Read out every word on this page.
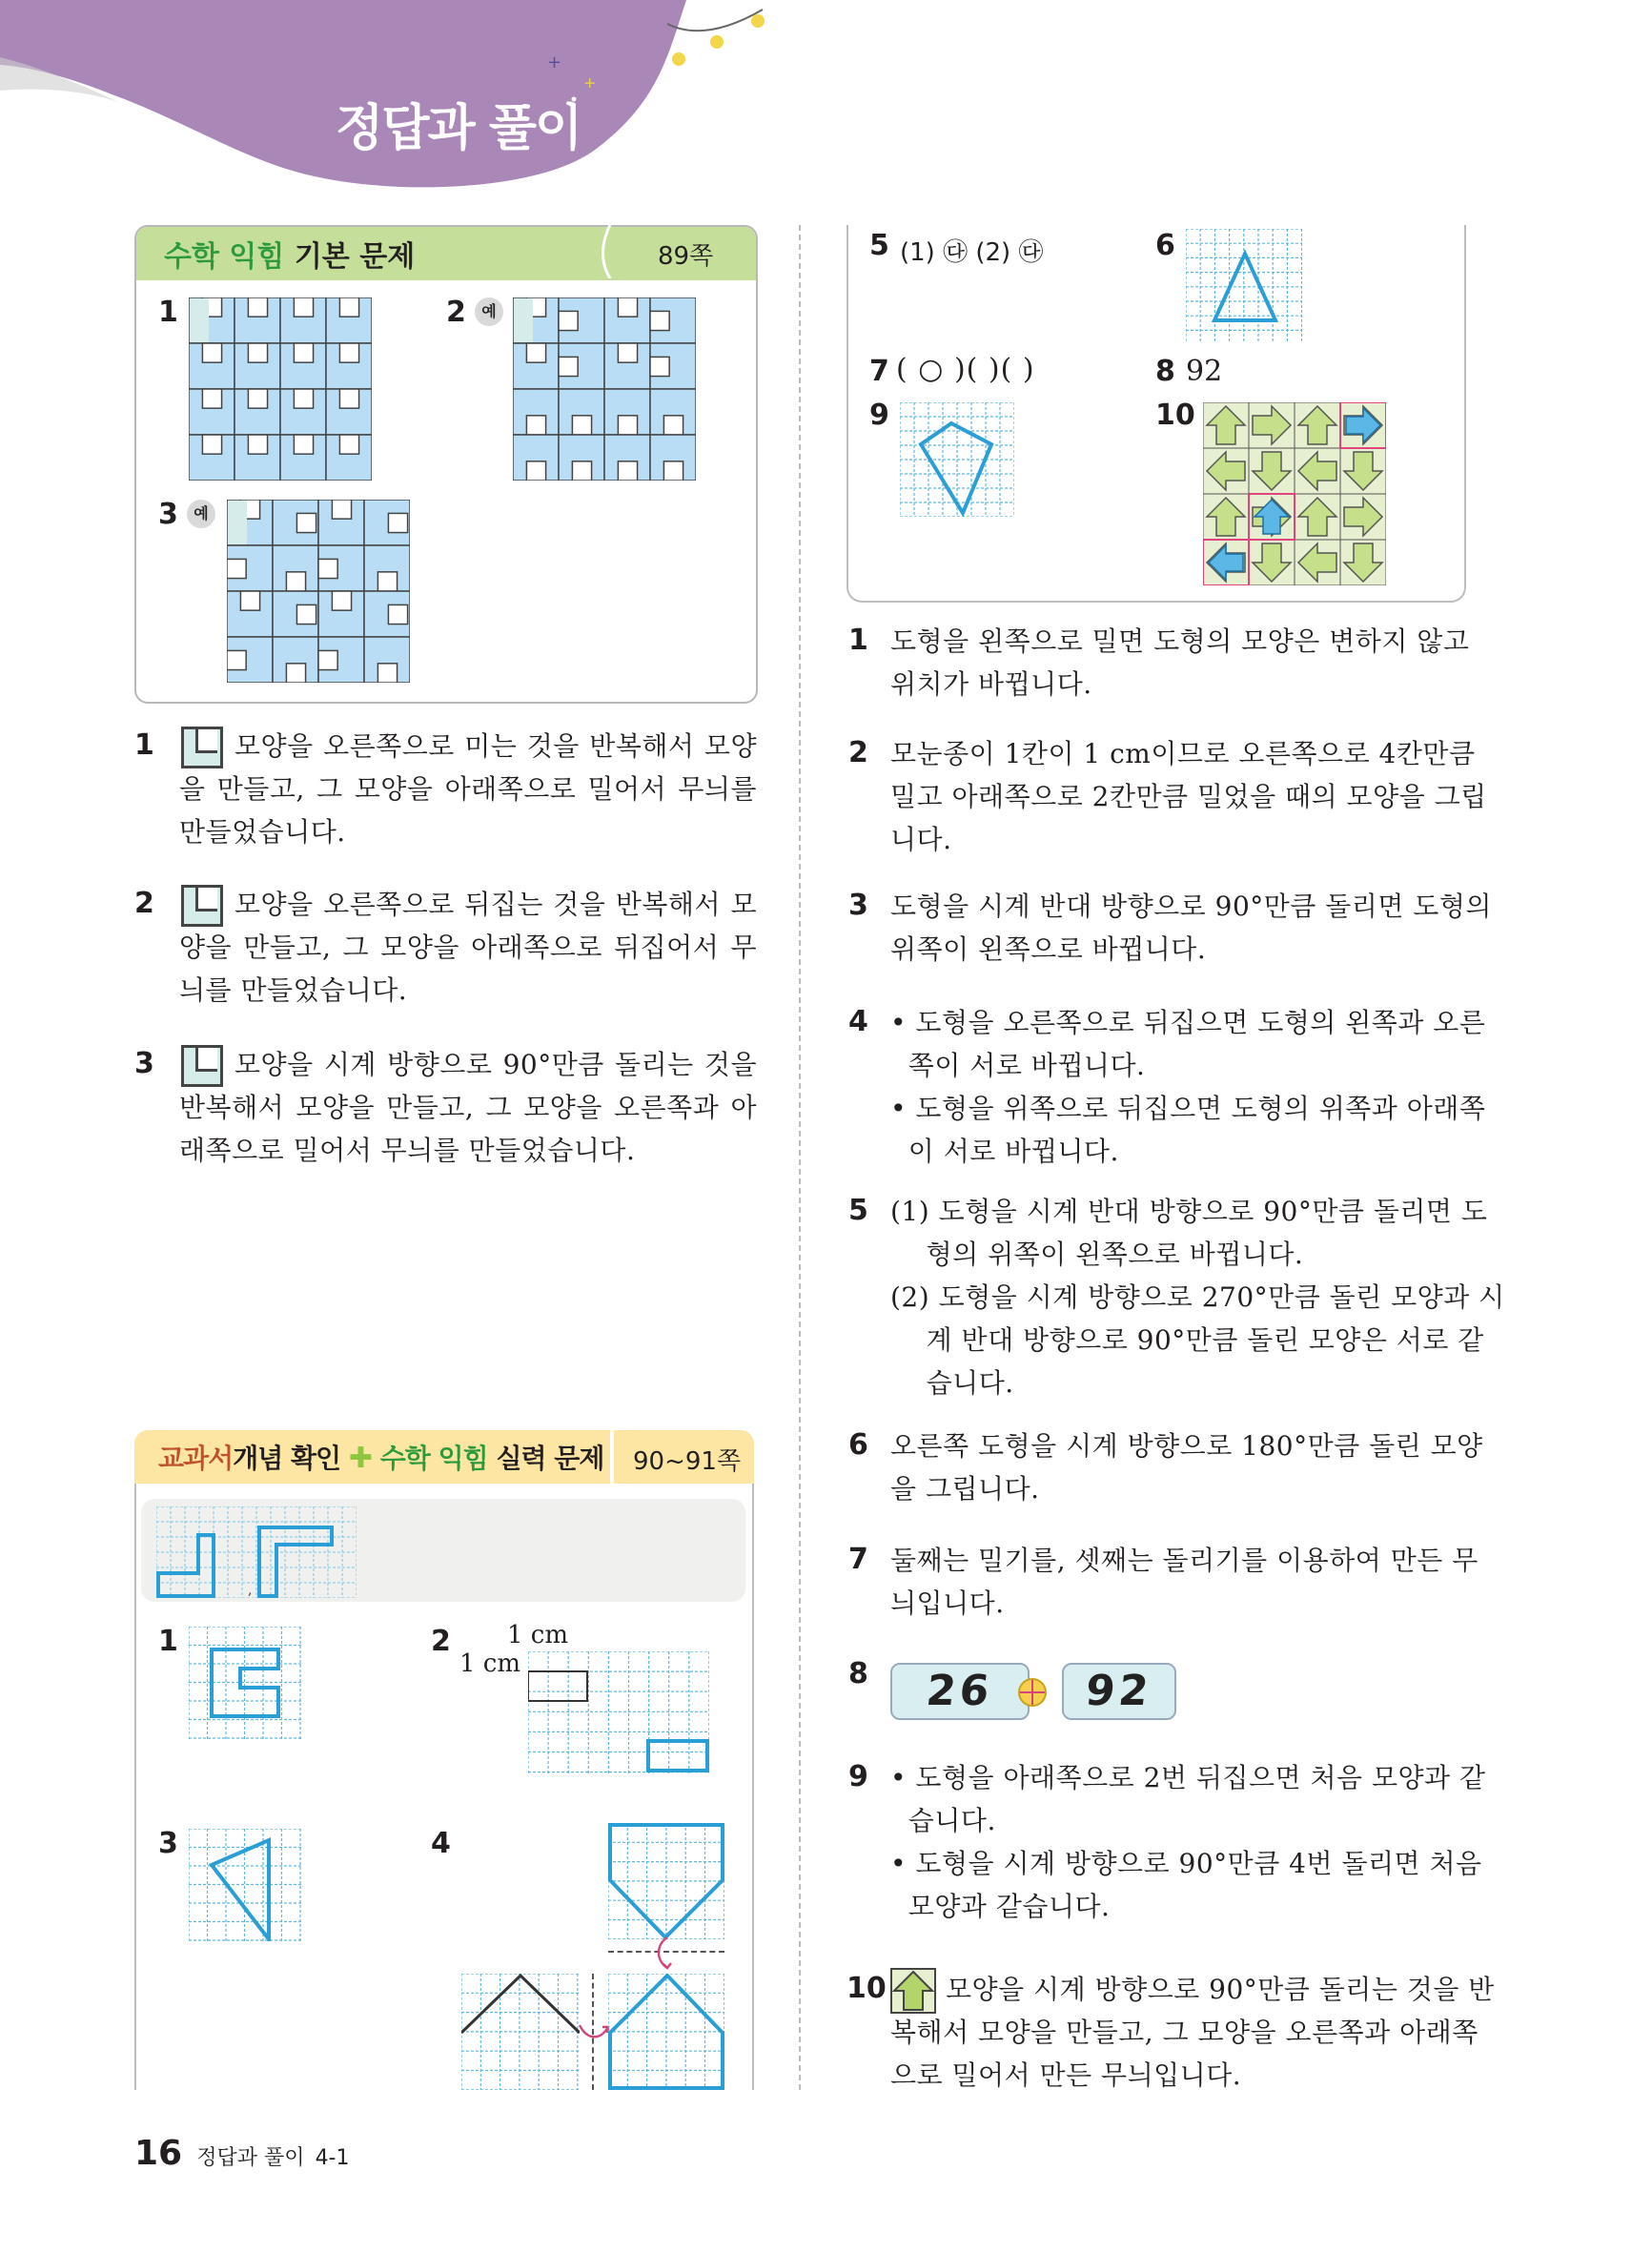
+
+
정답과 풀이
수학 익힘 기본 문제	89쪽
1	2	예
3	예
1	모양을 오른쪽으로 미는 것을 반복해서 모양을 만들고, 그 모양을 아래쪽으로 밀어서 무늬를 만들었습니다.
2	모양을 오른쪽으로 뒤집는 것을 반복해서 모양을 만들고, 그 모양을 아래쪽으로 뒤집어서 무늬를 만들었습니다.
3	모양을 시계 방향으로 90°만큼 돌리는 것을 반복해서 모양을 만들고, 그 모양을 오른쪽과 아래쪽으로 밀어서 무늬를 만들었습니다.
교과서개념 확인 ✚ 수학 익힘 실력 문제 90~91쪽
,
1	2
3	4
1 cm
1 cm
5 (1) ㉰ (2) ㉰	6
7 ( ○ )( )( )	8 92
9	10
1 도형을 왼쪽으로 밀면 도형의 모양은 변하지 않고
위치가 바뀝니다.
2 모눈종이 1칸이 1 cm이므로 오른쪽으로 4칸만큼
밀고 아래쪽으로 2칸만큼 밀었을 때의 모양을 그립
니다.
3 도형을 시계 반대 방향으로 90°만큼 돌리면 도형의
위쪽이 왼쪽으로 바뀝니다.
4 • 도형을 오른쪽으로 뒤집으면 도형의 왼쪽과 오른
쪽이 서로 바뀝니다.
• 도형을 위쪽으로 뒤집으면 도형의 위쪽과 아래쪽
이 서로 바뀝니다.
5 (1) 도형을 시계 반대 방향으로 90°만큼 돌리면 도
형의 위쪽이 왼쪽으로 바뀝니다.
(2) 도형을 시계 방향으로 270°만큼 돌린 모양과 시
계 반대 방향으로 90°만큼 돌린 모양은 서로 같
습니다.
6 오른쪽 도형을 시계 방향으로 180°만큼 돌린 모양
을 그립니다.
7 둘째는 밀기를, 셋째는 돌리기를 이용하여 만든 무
늬입니다.
8
9 • 도형을 아래쪽으로 2번 뒤집으면 처음 모양과 같
습니다.
• 도형을 시계 방향으로 90°만큼 4번 돌리면 처음
모양과 같습니다.
10 모양을 시계 방향으로 90°만큼 돌리는 것을 반
복해서 모양을 만들고, 그 모양을 오른쪽과 아래쪽
으로 밀어서 만든 무늬입니다.
26	92
16 정답과 풀이 4-1
